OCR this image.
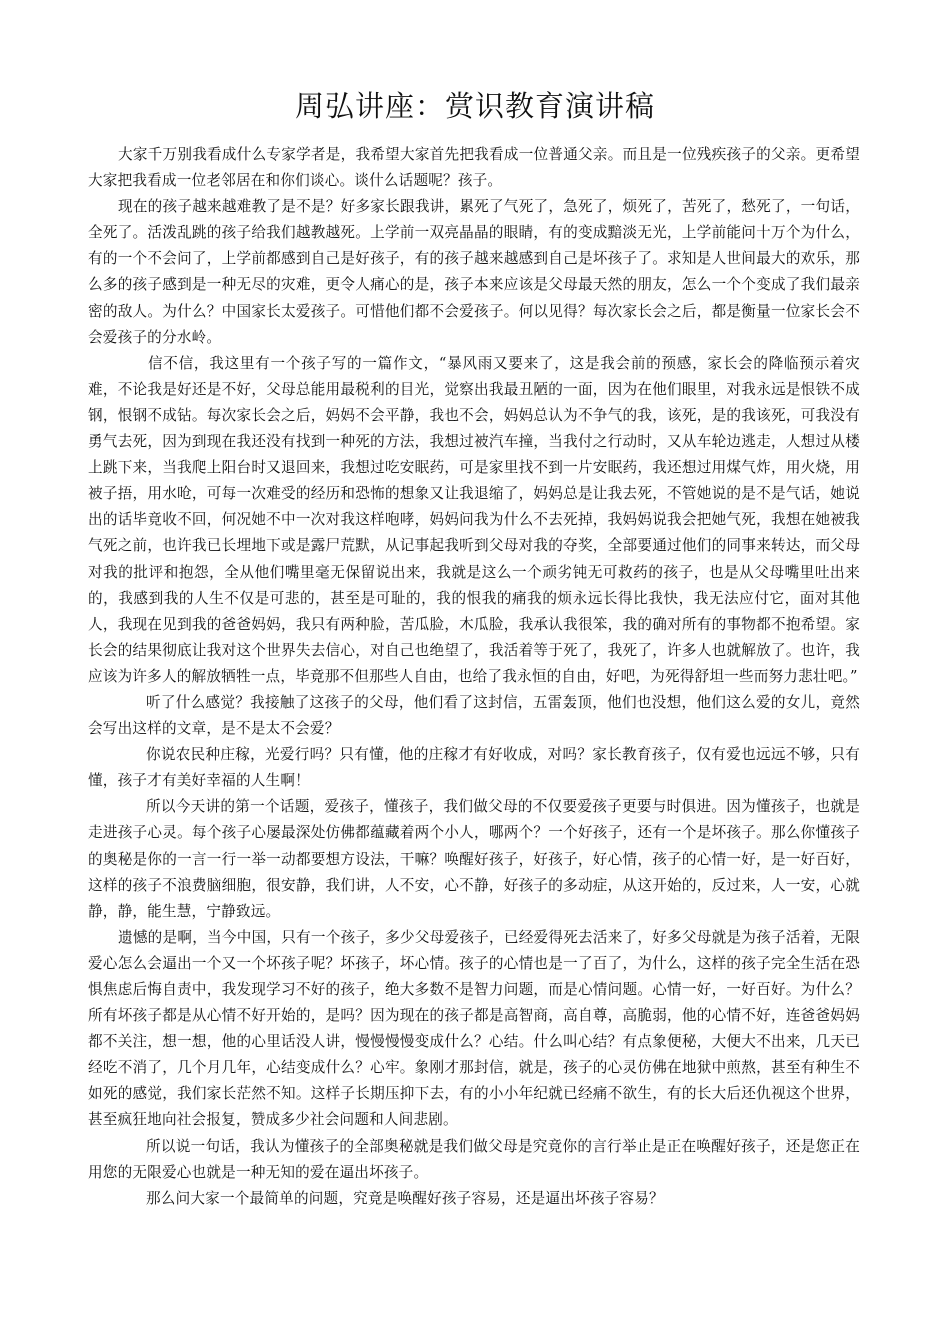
周弘讲座：赏识教育演讲稿

大家千万别我看成什么专家学者是，我希望大家首先把我看成一位普通父亲。而且是一位残疾孩子的父亲。更希望大家把我看成一位老邻居在和你们谈心。谈什么话题呢？孩子。

现在的孩子越来越难教了是不是？好多家长跟我讲，累死了气死了，急死了，烦死了，苦死了，愁死了，一句话，全死了。活泼乱跳的孩子给我们越教越死。上学前一双亮晶晶的眼睛，有的变成黯淡无光，上学前能问十万个为什么，有的一个不会问了，上学前都感到自己是好孩子，有的孩子越来越感到自己是坏孩子了。求知是人世间最大的欢乐，那么多的孩子感到是一种无尽的灾难，更令人痛心的是，孩子本来应该是父母最天然的朋友，怎么一个个变成了我们最亲密的敌人。为什么？中国家长太爱孩子。可惜他们都不会爱孩子。何以见得？每次家长会之后，都是衡量一位家长会不会爱孩子的分水岭。

信不信，我这里有一个孩子写的一篇作文，“暴风雨又要来了，这是我会前的预感，家长会的降临预示着灾难，不论我是好还是不好，父母总能用最税利的目光，觉察出我最丑陋的一面，因为在他们眼里，对我永远是恨铁不成钢，恨钢不成钻。每次家长会之后，妈妈不会平静，我也不会，妈妈总认为不争气的我，该死，是的我该死，可我没有勇气去死，因为到现在我还没有找到一种死的方法，我想过被汽车撞，当我付之行动时，又从车轮边逃走，人想过从楼上跳下来，当我爬上阳台时又退回来，我想过吃安眠药，可是家里找不到一片安眠药，我还想过用煤气炸，用火烧，用被子捂，用水呛，可每一次难受的经历和恐怖的想象又让我退缩了，妈妈总是让我去死，不管她说的是不是气话，她说出的话毕竟收不回，何况她不中一次对我这样咆哮，妈妈问我为什么不去死掉，我妈妈说我会把她气死，我想在她被我气死之前，也许我已长埋地下或是露尸荒默，从记事起我听到父母对我的夺奖，全部要通过他们的同事来转达，而父母对我的批评和抱怨，全从他们嘴里毫无保留说出来，我就是这么一个顽劣钝无可救药的孩子，也是从父母嘴里吐出来的，我感到我的人生不仅是可悲的，甚至是可耻的，我的恨我的痛我的烦永远长得比我快，我无法应付它，面对其他人，我现在见到我的爸爸妈妈，我只有两种脸，苦瓜脸，木瓜脸，我承认我很笨，我的确对所有的事物都不抱希望。家长会的结果彻底让我对这个世界失去信心，对自己也绝望了，我活着等于死了，我死了，许多人也就解放了。也许，我应该为许多人的解放牺牲一点，毕竟那不但那些人自由，也给了我永恒的自由，好吧，为死得舒坦一些而努力悲壮吧。”

听了什么感觉？我接触了这孩子的父母，他们看了这封信，五雷轰顶，他们也没想，他们这么爱的女儿，竟然会写出这样的文章，是不是太不会爱？

你说农民种庄稼，光爱行吗？只有懂，他的庄稼才有好收成，对吗？家长教育孩子，仅有爱也远远不够，只有懂，孩子才有美好幸福的人生啊！

所以今天讲的第一个话题，爱孩子，懂孩子，我们做父母的不仅要爱孩子更要与时俱进。因为懂孩子，也就是走进孩子心灵。每个孩子心屡最深处仿佛都蕴藏着两个小人，哪两个？一个好孩子，还有一个是坏孩子。那么你懂孩子的奥秘是你的一言一行一举一动都要想方设法，干嘛？唤醒好孩子，好孩子，好心情，孩子的心情一好，是一好百好，这样的孩子不浪费脑细胞，很安静，我们讲，人不安，心不静，好孩子的多动症，从这开始的，反过来，人一安，心就静，静，能生慧，宁静致远。

遗憾的是啊，当今中国，只有一个孩子，多少父母爱孩子，已经爱得死去活来了，好多父母就是为孩子活着，无限爱心怎么会逼出一个又一个坏孩子呢？坏孩子，坏心情。孩子的心情也是一了百了，为什么，这样的孩子完全生活在恐惧焦虑后悔自责中，我发现学习不好的孩子，绝大多数不是智力问题，而是心情问题。心情一好，一好百好。为什么？所有坏孩子都是从心情不好开始的，是吗？因为现在的孩子都是高智商，高自尊，高脆弱，他的心情不好，连爸爸妈妈都不关注，想一想，他的心里话没人讲，慢慢慢慢变成什么？心结。什么叫心结？有点象便秘，大便大不出来，几天已经吃不消了，几个月几年，心结变成什么？心牢。象刚才那封信，就是，孩子的心灵仿佛在地狱中煎熬，甚至有种生不如死的感觉，我们家长茫然不知。这样子长期压抑下去，有的小小年纪就已经痛不欲生，有的长大后还仇视这个世界，甚至疯狂地向社会报复，赞成多少社会问题和人间悲剧。

所以说一句话，我认为懂孩子的全部奥秘就是我们做父母是究竟你的言行举止是正在唤醒好孩子，还是您正在用您的无限爱心也就是一种无知的爱在逼出坏孩子。

那么问大家一个最简单的问题，究竟是唤醒好孩子容易，还是逼出坏孩子容易？
